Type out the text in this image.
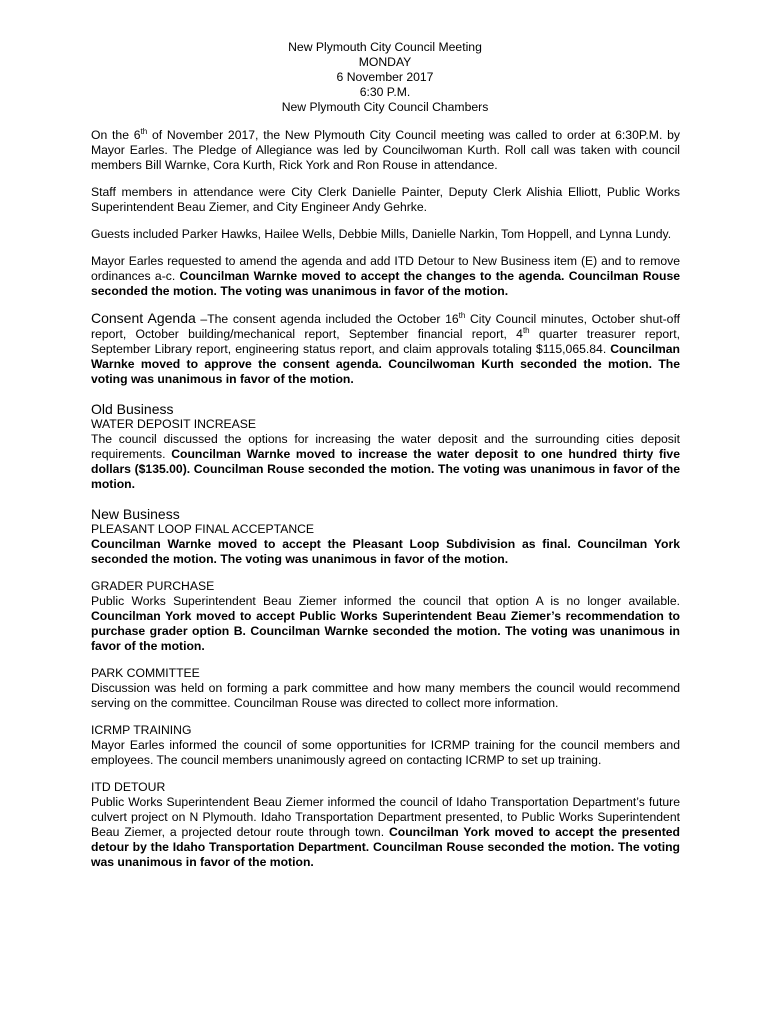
New Plymouth City Council Meeting
MONDAY
6 November 2017
6:30 P.M.
New Plymouth City Council Chambers

On the 6th of November 2017, the New Plymouth City Council meeting was called to order at 6:30P.M. by Mayor Earles. The Pledge of Allegiance was led by Councilwoman Kurth. Roll call was taken with council members Bill Warnke, Cora Kurth, Rick York and Ron Rouse in attendance.

Staff members in attendance were City Clerk Danielle Painter, Deputy Clerk Alishia Elliott, Public Works Superintendent Beau Ziemer, and City Engineer Andy Gehrke.

Guests included Parker Hawks, Hailee Wells, Debbie Mills, Danielle Narkin, Tom Hoppell, and Lynna Lundy.

Mayor Earles requested to amend the agenda and add ITD Detour to New Business item (E) and to remove ordinances a-c. Councilman Warnke moved to accept the changes to the agenda. Councilman Rouse seconded the motion. The voting was unanimous in favor of the motion.

Consent Agenda –The consent agenda included the October 16th City Council minutes, October shut-off report, October building/mechanical report, September financial report, 4th quarter treasurer report, September Library report, engineering status report, and claim approvals totaling $115,065.84. Councilman Warnke moved to approve the consent agenda. Councilwoman Kurth seconded the motion. The voting was unanimous in favor of the motion.

Old Business
WATER DEPOSIT INCREASE

The council discussed the options for increasing the water deposit and the surrounding cities deposit requirements. Councilman Warnke moved to increase the water deposit to one hundred thirty five dollars ($135.00). Councilman Rouse seconded the motion. The voting was unanimous in favor of the motion.

New Business
PLEASANT LOOP FINAL ACCEPTANCE

Councilman Warnke moved to accept the Pleasant Loop Subdivision as final. Councilman York seconded the motion. The voting was unanimous in favor of the motion.

GRADER PURCHASE

Public Works Superintendent Beau Ziemer informed the council that option A is no longer available. Councilman York moved to accept Public Works Superintendent Beau Ziemer’s recommendation to purchase grader option B. Councilman Warnke seconded the motion. The voting was unanimous in favor of the motion.

PARK COMMITTEE

Discussion was held on forming a park committee and how many members the council would recommend serving on the committee. Councilman Rouse was directed to collect more information.

ICRMP TRAINING

Mayor Earles informed the council of some opportunities for ICRMP training for the council members and employees. The council members unanimously agreed on contacting ICRMP to set up training.

ITD DETOUR

Public Works Superintendent Beau Ziemer informed the council of Idaho Transportation Department’s future culvert project on N Plymouth. Idaho Transportation Department presented, to Public Works Superintendent Beau Ziemer, a projected detour route through town. Councilman York moved to accept the presented detour by the Idaho Transportation Department. Councilman Rouse seconded the motion. The voting was unanimous in favor of the motion.
